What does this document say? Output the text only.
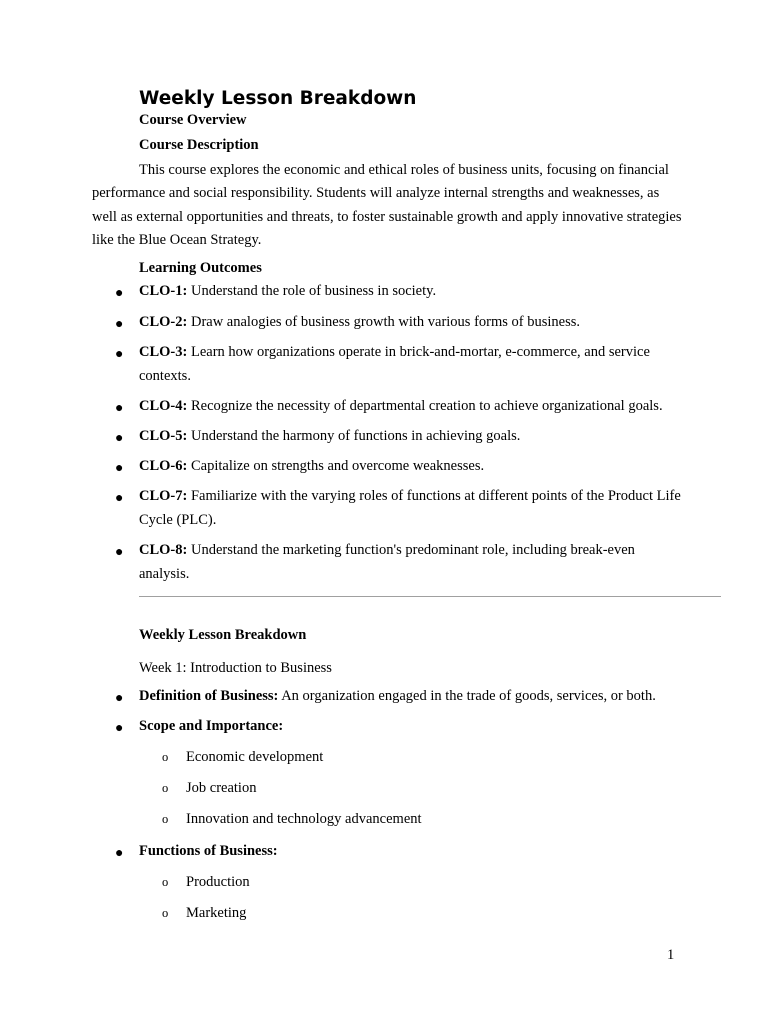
Weekly Lesson Breakdown

Course Overview

Course Description

This course explores the economic and ethical roles of business units, focusing on financial performance and social responsibility. Students will analyze internal strengths and weaknesses, as well as external opportunities and threats, to foster sustainable growth and apply innovative strategies like the Blue Ocean Strategy.

Learning Outcomes

● CLO-1: Understand the role of business in society.

● CLO-2: Draw analogies of business growth with various forms of business.

● CLO-3: Learn how organizations operate in brick-and-mortar, e-commerce, and service contexts.

● CLO-4: Recognize the necessity of departmental creation to achieve organizational goals.

● CLO-5: Understand the harmony of functions in achieving goals.

● CLO-6: Capitalize on strengths and overcome weaknesses.

● CLO-7: Familiarize with the varying roles of functions at different points of the Product Life Cycle (PLC).

● CLO-8: Understand the marketing function's predominant role, including break-even analysis.

Weekly Lesson Breakdown

Week 1: Introduction to Business

● Definition of Business: An organization engaged in the trade of goods, services, or both.

● Scope and Importance:

o Economic development

o Job creation

o Innovation and technology advancement

● Functions of Business:

o Production

o Marketing

1
